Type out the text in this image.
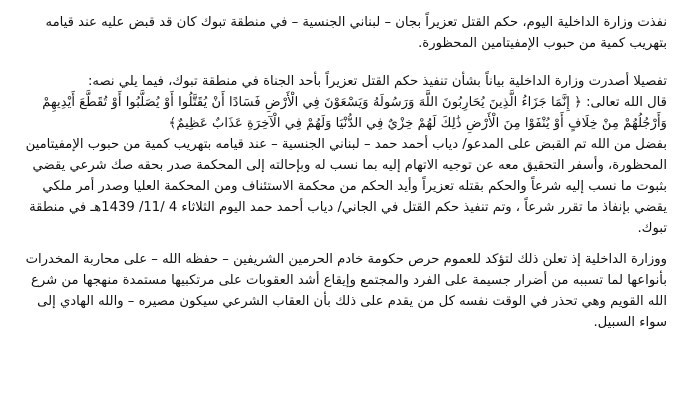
نفذت وزارة الداخلية اليوم، حكم القتل تعزيراً بجان – لبناني الجنسية – في منطقة تبوك كان قد قبض عليه عند قيامه بتهريب كمية من حبوب الإمفيتامين المحظورة.

تفصيلا أصدرت وزارة الداخلية بياناً بشأن تنفيذ حكم القتل تعزيراً بأحد الجناة في منطقة تبوك، فيما يلي نصه:

قال الله تعالى: ﴿ إِنَّمَا جَزَاءُ الَّذِينَ يُحَارِبُونَ اللَّهَ وَرَسُولَهُ وَيَسْعَوْنَ فِي الْأَرْضِ فَسَادًا أَنْ يُقَتَّلُوا أَوْ يُصَلَّبُوا أَوْ تُقَطَّعَ أَيْدِيهِمْ وَأَرْجُلُهُمْ مِنْ خِلَافٍ أَوْ يُنْفَوْا مِنَ الْأَرْضِ ذَٰلِكَ لَهُمْ خِزْيٌ فِي الدُّنْيَا وَلَهُمْ فِي الْآخِرَةِ عَذَابٌ عَظِيمٌ﴾

بفضل من الله تم القبض على المدعو/ دياب أحمد حمد – لبناني الجنسية – عند قيامه بتهريب كمية من حبوب الإمفيتامين المحظورة، وأسفر التحقيق معه عن توجيه الاتهام إليه بما نسب له وبإحالته إلى المحكمة صدر بحقه صك شرعي يقضي بثبوت ما نسب إليه شرعاً والحكم بقتله تعزيراً وأيد الحكم من محكمة الاستئناف ومن المحكمة العليا وصدر أمر ملكي يقضي بإنفاذ ما تقرر شرعاً ، وتم تنفيذ حكم القتل في الجاني/ دياب أحمد حمد اليوم الثلاثاء 4 /11/ 1439هـ في منطقة تبوك.

ووزارة الداخلية إذ تعلن ذلك لتؤكد للعموم حرص حكومة خادم الحرمين الشريفين – حفظه الله – على محاربة المخدرات بأنواعها لما تسببه من أضرار جسيمة على الفرد والمجتمع وإيقاع أشد العقوبات على مرتكبيها مستمدة منهجها من شرع الله القويم وهي تحذر في الوقت نفسه كل من يقدم على ذلك بأن العقاب الشرعي سيكون مصيره – والله الهادي إلى سواء السبيل.
